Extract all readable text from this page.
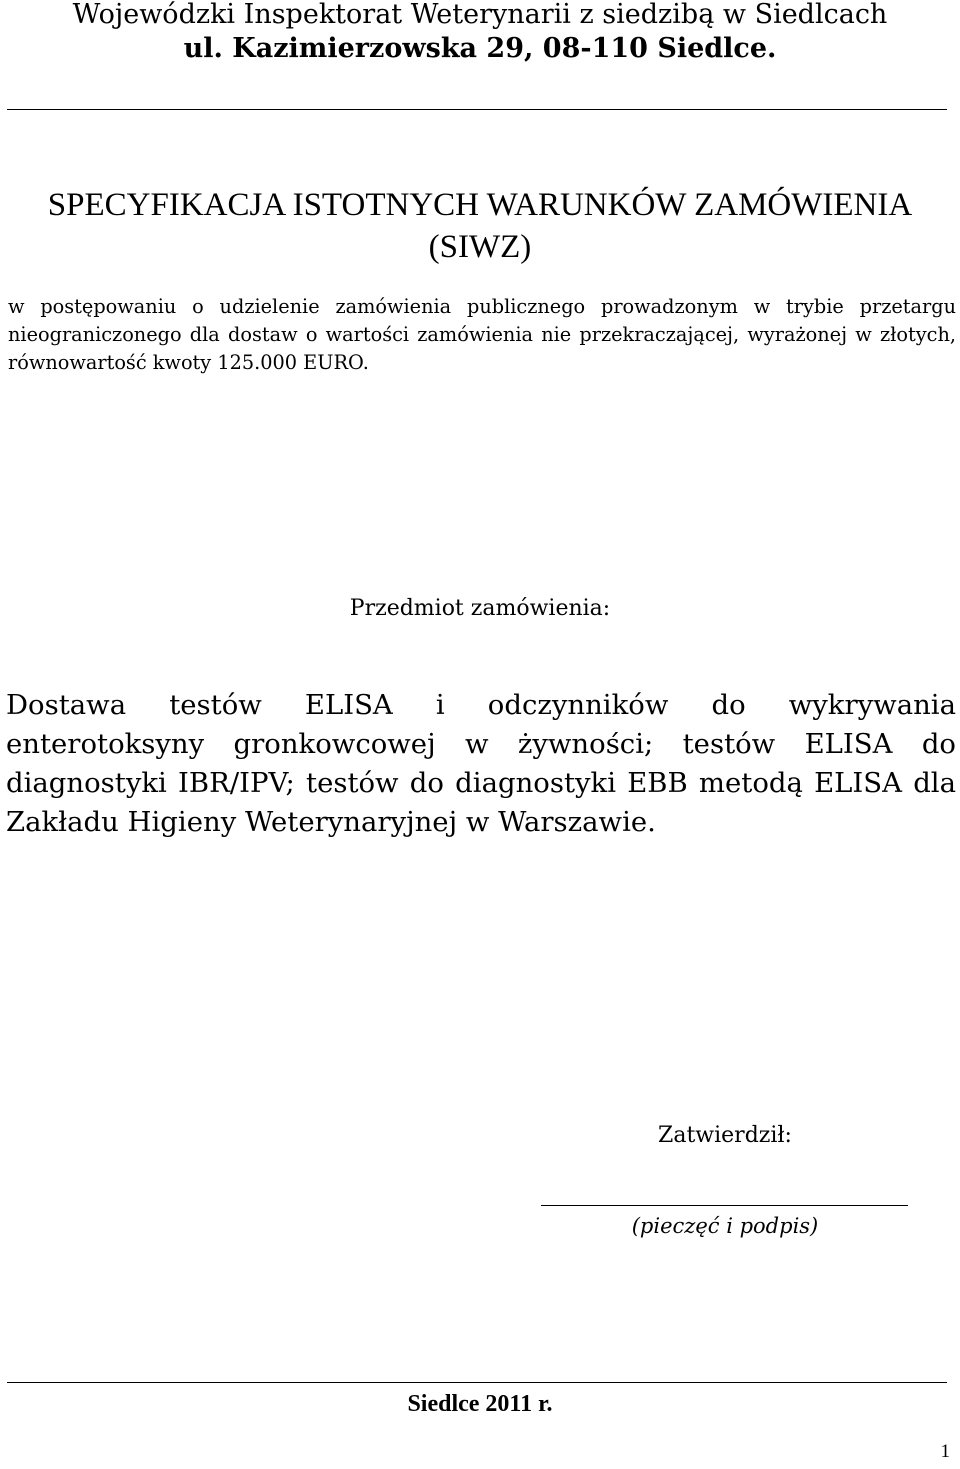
Wojewódzki Inspektorat Weterynarii z siedzibą w Siedlcach

ul. Kazimierzowska 29, 08-110 Siedlce.

SPECYFIKACJA ISTOTNYCH WARUNKÓW ZAMÓWIENIA

(SIWZ)

w postępowaniu o udzielenie zamówienia publicznego prowadzonym w trybie przetargu nieograniczonego dla dostaw o wartości zamówienia nie przekraczającej, wyrażonej w złotych, równowartość kwoty 125.000 EURO.

Przedmiot zamówienia:

Dostawa testów ELISA i odczynników do wykrywania enterotoksyny gronkowcowej w żywności; testów ELISA do diagnostyki IBR/IPV; testów do diagnostyki EBB metodą ELISA dla Zakładu Higieny Weterynaryjnej w Warszawie.

Zatwierdził:

(pieczęć i podpis)

Siedlce 2011 r.

1
